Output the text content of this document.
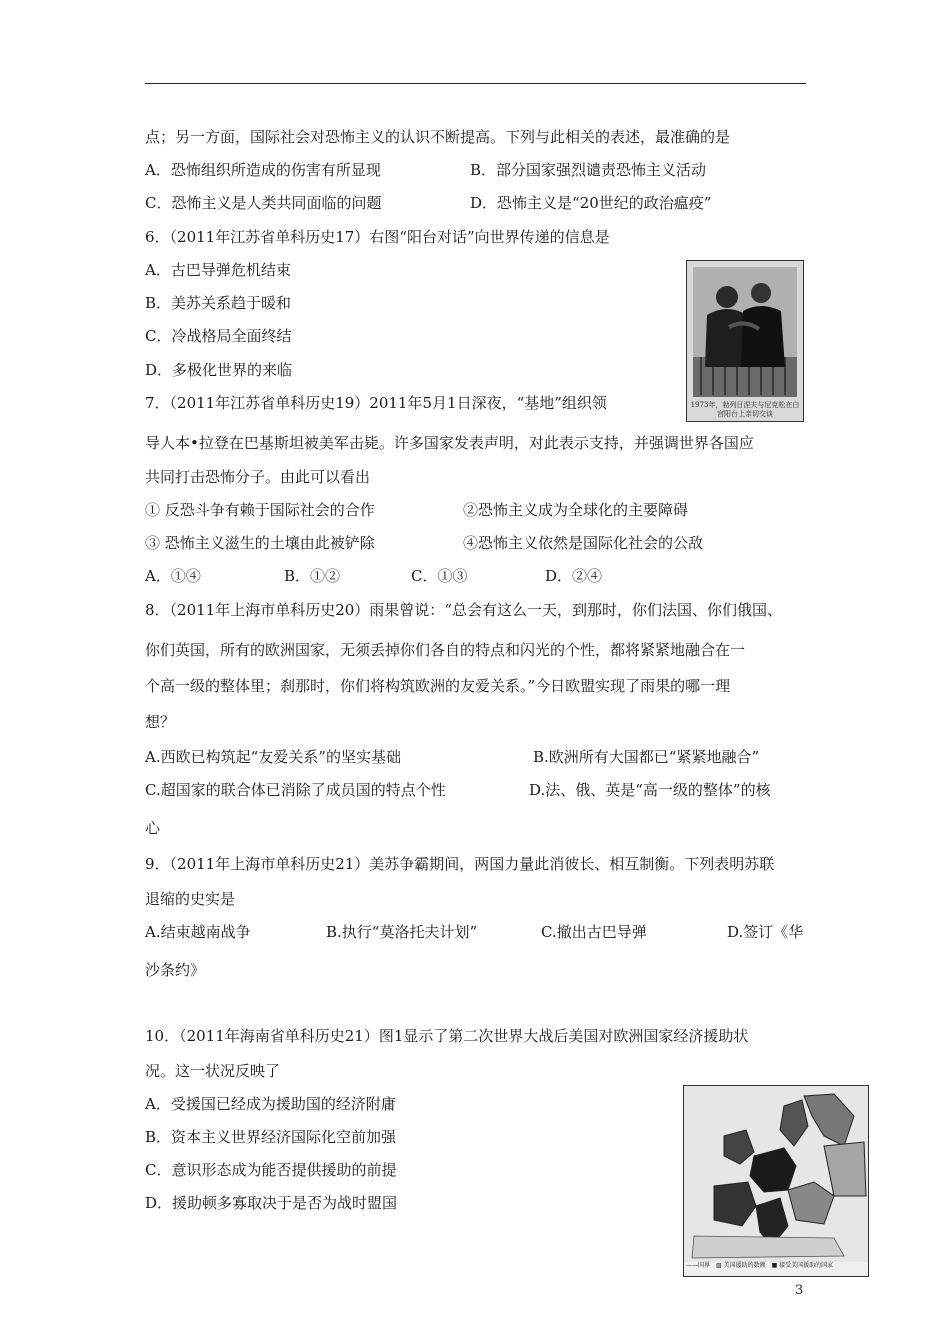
点；另一方面，国际社会对恐怖主义的认识不断提高。下列与此相关的表述，最准确的是
A．恐怖组织所造成的伤害有所显现	B．部分国家强烈谴责恐怖主义活动
C．恐怖主义是人类共同面临的问题	D．恐怖主义是“20世纪的政治瘟疫”
6．（2011年江苏省单科历史17）右图“阳台对话”向世界传递的信息是
A．古巴导弹危机结束
B．美苏关系趋于暖和
C．冷战格局全面终结
D．多极化世界的来临
1973年，勃列日涅夫与尼克松在白宫阳台上亲切交谈
7．（2011年江苏省单科历史19）2011年5月1日深夜，“基地”组织领
导人本•拉登在巴基斯坦被美军击毙。许多国家发表声明，对此表示支持，并强调世界各国应
共同打击恐怖分子。由此可以看出
① 反恐斗争有赖于国际社会的合作	②恐怖主义成为全球化的主要障碍
③ 恐怖主义滋生的土壤由此被铲除	④恐怖主义依然是国际化社会的公敌
A．①④	B．①②	C．①③	D．②④
8．（2011年上海市单科历史20）雨果曾说：“总会有这么一天，到那时，你们法国、你们俄国、
你们英国，所有的欧洲国家，无须丢掉你们各自的特点和闪光的个性，都将紧紧地融合在一
个高一级的整体里；刹那时，你们将构筑欧洲的友爱关系。”今日欧盟实现了雨果的哪一理
想？
A.西欧已构筑起“友爱关系”的坚实基础	B.欧洲所有大国都已“紧紧地融合”
C.超国家的联合体已消除了成员国的特点个性	D.法、俄、英是“高一级的整体”的核
心
9．（2011年上海市单科历史21）美苏争霸期间，两国力量此消彼长、相互制衡。下列表明苏联
退缩的史实是
A.结束越南战争	B.执行“莫洛托夫计划”	C.撤出古巴导弹	D.签订《华
沙条约》
10．（2011年海南省单科历史21）图1显示了第二次世界大战后美国对欧洲国家经济援助状
况。这一状况反映了
A．受援国已经成为援助国的经济附庸
B．资本主义世界经济国际化空前加强
C．意识形态成为能否提供援助的前提
D．援助顿多寡取决于是否为战时盟国
——国界　▨ 美国援助的数额　■ 接受美国援助的国家
3
